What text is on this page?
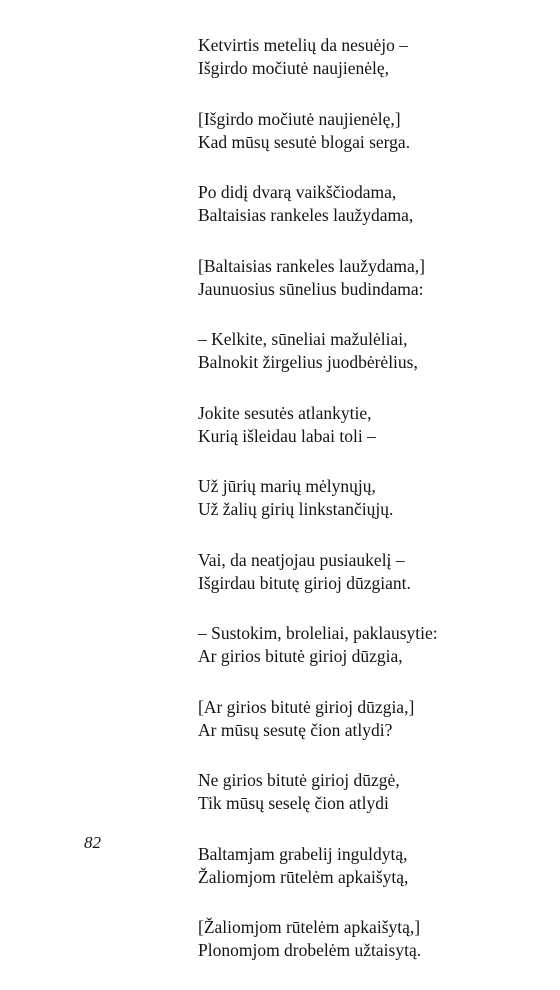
Ketvirtis metelių da nesuėjo –
Išgirdo močiutė naujienėlę,
[Išgirdo močiutė naujienėlę,]
Kad mūsų sesutė blogai serga.
Po didį dvarą vaikščiodama,
Baltaisias rankeles laužydama,
[Baltaisias rankeles laužydama,]
Jaunuosius sūnelius budindama:
– Kelkite, sūneliai mažulėliai,
Balnokit žirgelius juodbėrėlius,
Jokite sesutės atlankytie,
Kurią išleidau labai toli –
Už jūrių marių mėlynųjų,
Už žalių girių linkstančiųjų.
Vai, da neatjojau pusiaukelį –
Išgirdau bitutę girioj dūzgiant.
– Sustokim, broleliai, paklausytie:
Ar girios bitutė girioj dūzgia,
[Ar girios bitutė girioj dūzgia,]
Ar mūsų sesutę čion atlydi?
Ne girios bitutė girioj dūzgė,
Tik mūsų seselę čion atlydi
Baltamjam grabelij inguldytą,
Žaliomjom rūtelėm apkaišytą,
[Žaliomjom rūtelėm apkaišytą,]
Plonomjom drobelėm užtaisytą.
82
